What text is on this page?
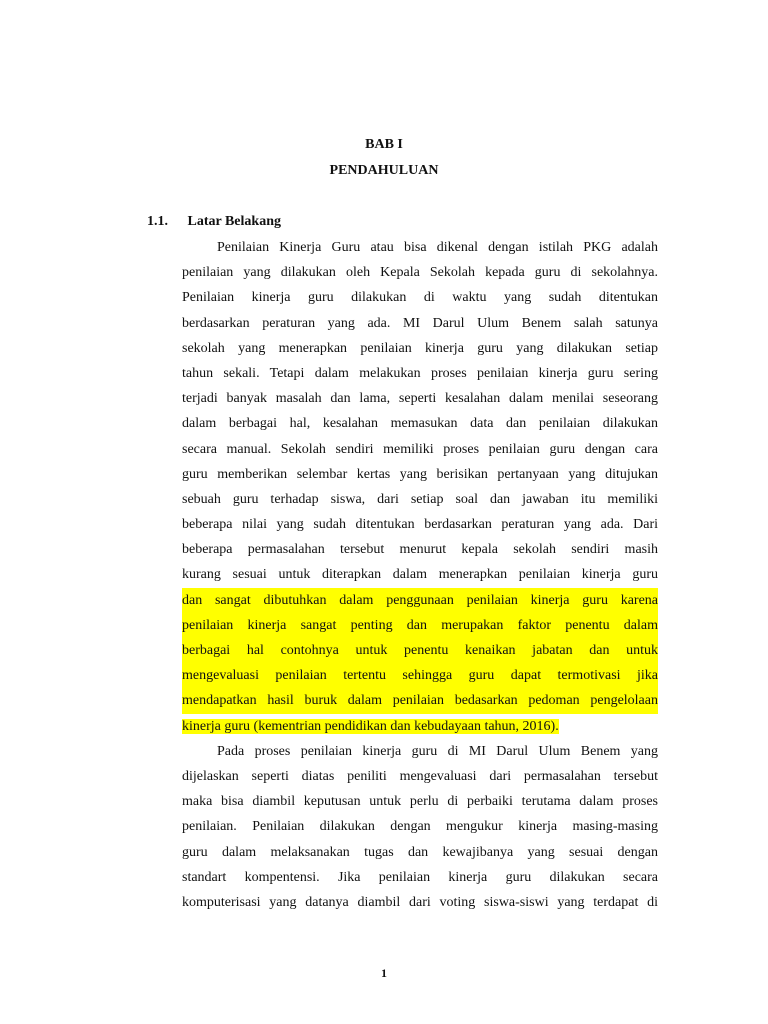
BAB I
PENDAHULUAN
1.1. Latar Belakang
Penilaian Kinerja Guru atau bisa dikenal dengan istilah PKG adalah
penilaian yang dilakukan oleh Kepala Sekolah kepada guru di sekolahnya.
Penilaian kinerja guru dilakukan di waktu yang sudah ditentukan
berdasarkan peraturan yang ada. MI Darul Ulum Benem salah satunya
sekolah yang menerapkan penilaian kinerja guru yang dilakukan setiap
tahun sekali. Tetapi dalam melakukan proses penilaian kinerja guru sering
terjadi banyak masalah dan lama, seperti kesalahan dalam menilai seseorang
dalam berbagai hal, kesalahan memasukan data dan penilaian dilakukan
secara manual. Sekolah sendiri memiliki proses penilaian guru dengan cara
guru memberikan selembar kertas yang berisikan pertanyaan yang ditujukan
sebuah guru terhadap siswa, dari setiap soal dan jawaban itu memiliki
beberapa nilai yang sudah ditentukan berdasarkan peraturan yang ada. Dari
beberapa permasalahan tersebut menurut kepala sekolah sendiri masih
kurang sesuai untuk diterapkan dalam menerapkan penilaian kinerja guru
dan sangat dibutuhkan dalam penggunaan penilaian kinerja guru karena
penilaian kinerja sangat penting dan merupakan faktor penentu dalam
berbagai hal contohnya untuk penentu kenaikan jabatan dan untuk
mengevaluasi penilaian tertentu sehingga guru dapat termotivasi jika
mendapatkan hasil buruk dalam penilaian bedasarkan pedoman pengelolaan
kinerja guru (kementrian pendidikan dan kebudayaan tahun, 2016).
Pada proses penilaian kinerja guru di MI Darul Ulum Benem yang
dijelaskan seperti diatas peniliti mengevaluasi dari permasalahan tersebut
maka bisa diambil keputusan untuk perlu di perbaiki terutama dalam proses
penilaian. Penilaian dilakukan dengan mengukur kinerja masing-masing
guru dalam melaksanakan tugas dan kewajibanya yang sesuai dengan
standart kompentensi. Jika penilaian kinerja guru dilakukan secara
komputerisasi yang datanya diambil dari voting siswa-siswi yang terdapat di
1
